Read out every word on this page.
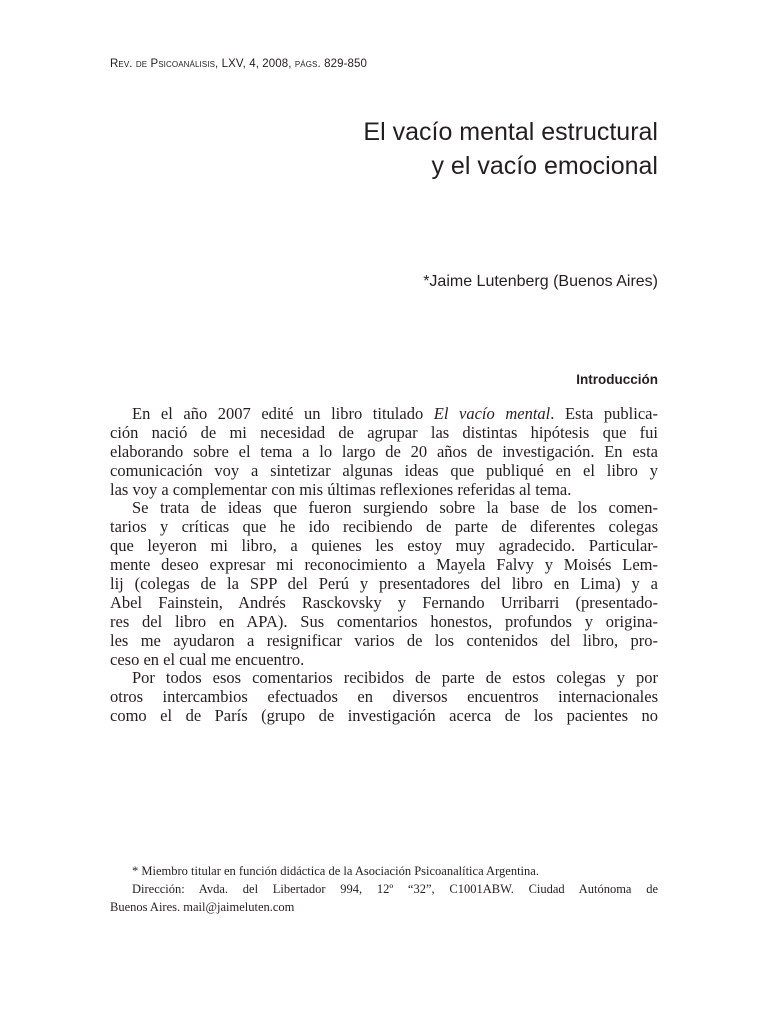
Rev. de Psicoanálisis, LXV, 4, 2008, págs. 829-850
El vacío mental estructural
y el vacío emocional
*Jaime Lutenberg (Buenos Aires)
Introducción
En el año 2007 edité un libro titulado El vacío mental. Esta publica-
ción nació de mi necesidad de agrupar las distintas hipótesis que fui
elaborando sobre el tema a lo largo de 20 años de investigación. En esta
comunicación voy a sintetizar algunas ideas que publiqué en el libro y
las voy a complementar con mis últimas reflexiones referidas al tema.
Se trata de ideas que fueron surgiendo sobre la base de los comen-
tarios y críticas que he ido recibiendo de parte de diferentes colegas
que leyeron mi libro, a quienes les estoy muy agradecido. Particular-
mente deseo expresar mi reconocimiento a Mayela Falvy y Moisés Lem-
lij (colegas de la SPP del Perú y presentadores del libro en Lima) y a
Abel Fainstein, Andrés Rasckovsky y Fernando Urribarri (presentado-
res del libro en APA). Sus comentarios honestos, profundos y origina-
les me ayudaron a resignificar varios de los contenidos del libro, pro-
ceso en el cual me encuentro.
Por todos esos comentarios recibidos de parte de estos colegas y por
otros intercambios efectuados en diversos encuentros internacionales
como el de París (grupo de investigación acerca de los pacientes no
* Miembro titular en función didáctica de la Asociación Psicoanalítica Argentina.
Dirección: Avda. del Libertador 994, 12º “32”, C1001ABW. Ciudad Autónoma de
Buenos Aires. mail@jaimeluten.com
